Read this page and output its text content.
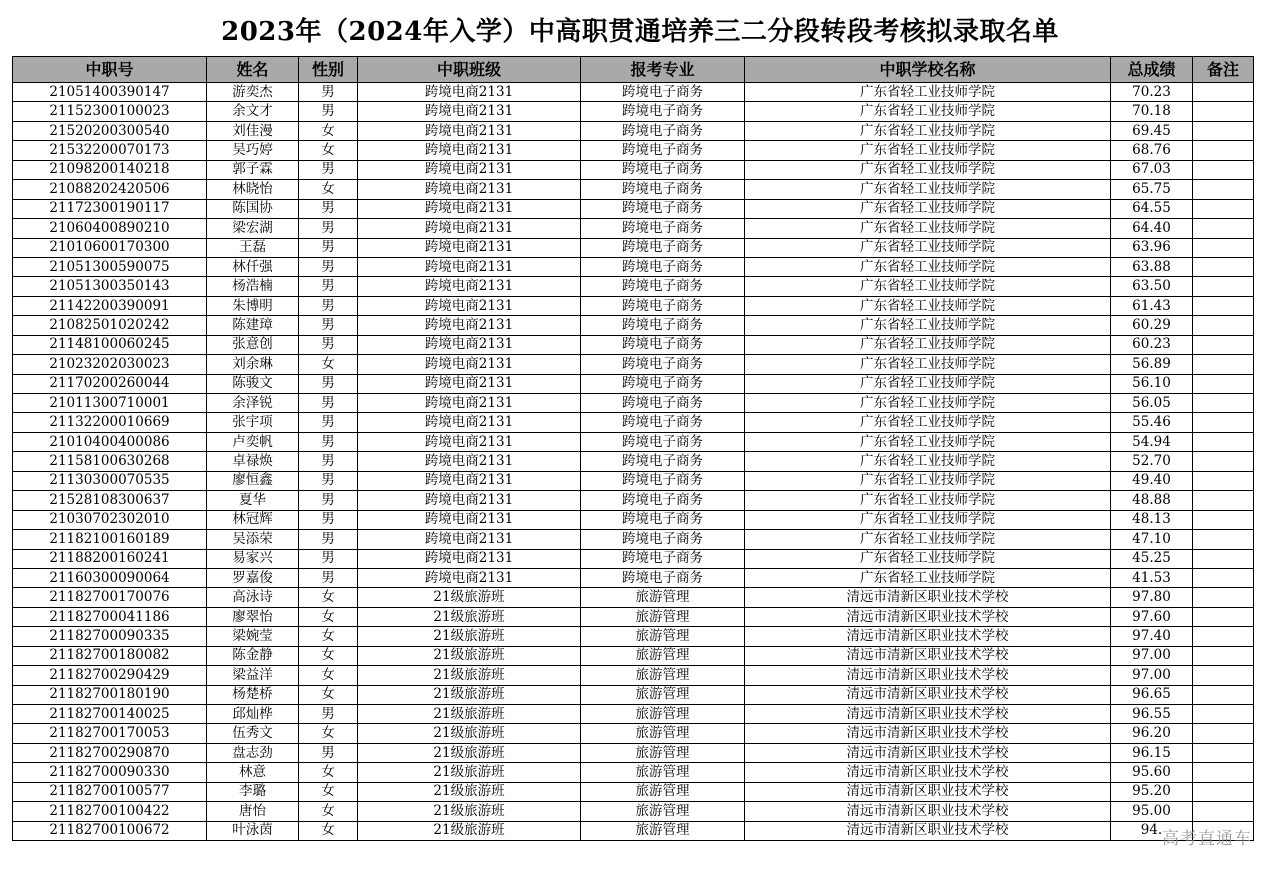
2023年（2024年入学）中高职贯通培养三二分段转段考核拟录取名单
中职号	姓名	性别	中职班级	报考专业	中职学校名称	总成绩	备注
21051400390147	游奕杰	男	跨境电商2131	跨境电子商务	广东省轻工业技师学院	70.23	
21152300100023	余文才	男	跨境电商2131	跨境电子商务	广东省轻工业技师学院	70.18	
21520200300540	刘佳漫	女	跨境电商2131	跨境电子商务	广东省轻工业技师学院	69.45	
21532200070173	吴巧婷	女	跨境电商2131	跨境电子商务	广东省轻工业技师学院	68.76	
21098200140218	郭子霖	男	跨境电商2131	跨境电子商务	广东省轻工业技师学院	67.03	
21088202420506	林晓怡	女	跨境电商2131	跨境电子商务	广东省轻工业技师学院	65.75	
21172300190117	陈国协	男	跨境电商2131	跨境电子商务	广东省轻工业技师学院	64.55	
21060400890210	梁宏湖	男	跨境电商2131	跨境电子商务	广东省轻工业技师学院	64.40	
21010600170300	王磊	男	跨境电商2131	跨境电子商务	广东省轻工业技师学院	63.96	
21051300590075	林仟强	男	跨境电商2131	跨境电子商务	广东省轻工业技师学院	63.88	
21051300350143	杨浩楠	男	跨境电商2131	跨境电子商务	广东省轻工业技师学院	63.50	
21142200390091	朱博明	男	跨境电商2131	跨境电子商务	广东省轻工业技师学院	61.43	
21082501020242	陈建璋	男	跨境电商2131	跨境电子商务	广东省轻工业技师学院	60.29	
21148100060245	张意创	男	跨境电商2131	跨境电子商务	广东省轻工业技师学院	60.23	
21023202030023	刘余琳	女	跨境电商2131	跨境电子商务	广东省轻工业技师学院	56.89	
21170200260044	陈骏文	男	跨境电商2131	跨境电子商务	广东省轻工业技师学院	56.10	
21011300710001	余泽锐	男	跨境电商2131	跨境电子商务	广东省轻工业技师学院	56.05	
21132200010669	张宇项	男	跨境电商2131	跨境电子商务	广东省轻工业技师学院	55.46	
21010400400086	卢奕帆	男	跨境电商2131	跨境电子商务	广东省轻工业技师学院	54.94	
21158100630268	卓禄焕	男	跨境电商2131	跨境电子商务	广东省轻工业技师学院	52.70	
21130300070535	廖恒鑫	男	跨境电商2131	跨境电子商务	广东省轻工业技师学院	49.40	
21528108300637	夏华	男	跨境电商2131	跨境电子商务	广东省轻工业技师学院	48.88	
21030702302010	林冠辉	男	跨境电商2131	跨境电子商务	广东省轻工业技师学院	48.13	
21182100160189	吴添荣	男	跨境电商2131	跨境电子商务	广东省轻工业技师学院	47.10	
21188200160241	易家兴	男	跨境电商2131	跨境电子商务	广东省轻工业技师学院	45.25	
21160300090064	罗嘉俊	男	跨境电商2131	跨境电子商务	广东省轻工业技师学院	41.53	
21182700170076	高泳诗	女	21级旅游班	旅游管理	清远市清新区职业技术学校	97.80	
21182700041186	廖翠怡	女	21级旅游班	旅游管理	清远市清新区职业技术学校	97.60	
21182700090335	梁婉莹	女	21级旅游班	旅游管理	清远市清新区职业技术学校	97.40	
21182700180082	陈金静	女	21级旅游班	旅游管理	清远市清新区职业技术学校	97.00	
21182700290429	梁益洋	女	21级旅游班	旅游管理	清远市清新区职业技术学校	97.00	
21182700180190	杨楚桥	女	21级旅游班	旅游管理	清远市清新区职业技术学校	96.65	
21182700140025	邱灿桦	男	21级旅游班	旅游管理	清远市清新区职业技术学校	96.55	
21182700170053	伍秀文	女	21级旅游班	旅游管理	清远市清新区职业技术学校	96.20	
21182700290870	盘志劲	男	21级旅游班	旅游管理	清远市清新区职业技术学校	96.15	
21182700090330	林意	女	21级旅游班	旅游管理	清远市清新区职业技术学校	95.60	
21182700100577	李璐	女	21级旅游班	旅游管理	清远市清新区职业技术学校	95.20	
21182700100422	唐怡	女	21级旅游班	旅游管理	清远市清新区职业技术学校	95.00	
21182700100672	叶泳茵	女	21级旅游班	旅游管理	清远市清新区职业技术学校	94.	高考直通车
